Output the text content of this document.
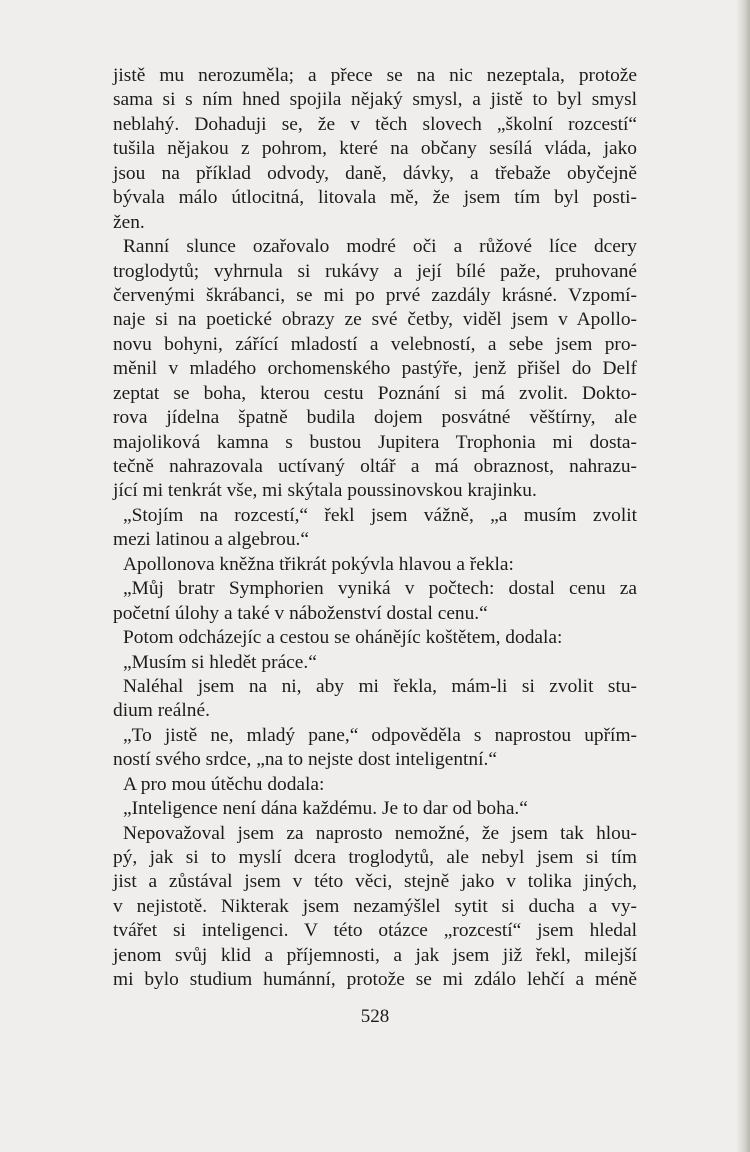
jistě mu nerozuměla; a přece se na nic nezeptala, protože
sama si s ním hned spojila nějaký smysl, a jistě to byl smysl
neblahý. Dohaduji se, že v těch slovech „školní rozcestí“
tušila nějakou z pohrom, které na občany sesílá vláda, jako
jsou na příklad odvody, daně, dávky, a třebaže obyčejně
bývala málo útlocitná, litovala mě, že jsem tím byl posti-
žen.
Ranní slunce ozařovalo modré oči a růžové líce dcery
troglodytů; vyhrnula si rukávy a její bílé paže, pruhované
červenými škrábanci, se mi po prvé zazdály krásné. Vzpomí-
naje si na poetické obrazy ze své četby, viděl jsem v Apollo-
novu bohyni, zářící mladostí a velebností, a sebe jsem pro-
měnil v mladého orchomenského pastýře, jenž přišel do Delf
zeptat se boha, kterou cestu Poznání si má zvolit. Dokto-
rova jídelna špatně budila dojem posvátné věštírny, ale
majoliková kamna s bustou Jupitera Trophonia mi dosta-
tečně nahrazovala uctívaný oltář a má obraznost, nahrazu-
jící mi tenkrát vše, mi skýtala poussinovskou krajinku.
„Stojím na rozcestí,“ řekl jsem vážně, „a musím zvolit
mezi latinou a algebrou.“
Apollonova kněžna třikrát pokývla hlavou a řekla:
„Můj bratr Symphorien vyniká v počtech: dostal cenu za
početní úlohy a také v náboženství dostal cenu.“
Potom odcházejíc a cestou se ohánějíc koštětem, dodala:
„Musím si hledět práce.“
Naléhal jsem na ni, aby mi řekla, mám-li si zvolit stu-
dium reálné.
„To jistě ne, mladý pane,“ odpověděla s naprostou upřím-
ností svého srdce, „na to nejste dost inteligentní.“
A pro mou útěchu dodala:
„Inteligence není dána každému. Je to dar od boha.“
Nepovažoval jsem za naprosto nemožné, že jsem tak hlou-
pý, jak si to myslí dcera troglodytů, ale nebyl jsem si tím
jist a zůstával jsem v této věci, stejně jako v tolika jiných,
v nejistotě. Nikterak jsem nezamýšlel sytit si ducha a vy-
tvářet si inteligenci. V této otázce „rozcestí“ jsem hledal
jenom svůj klid a příjemnosti, a jak jsem již řekl, milejší
mi bylo studium humánní, protože se mi zdálo lehčí a méně
528
